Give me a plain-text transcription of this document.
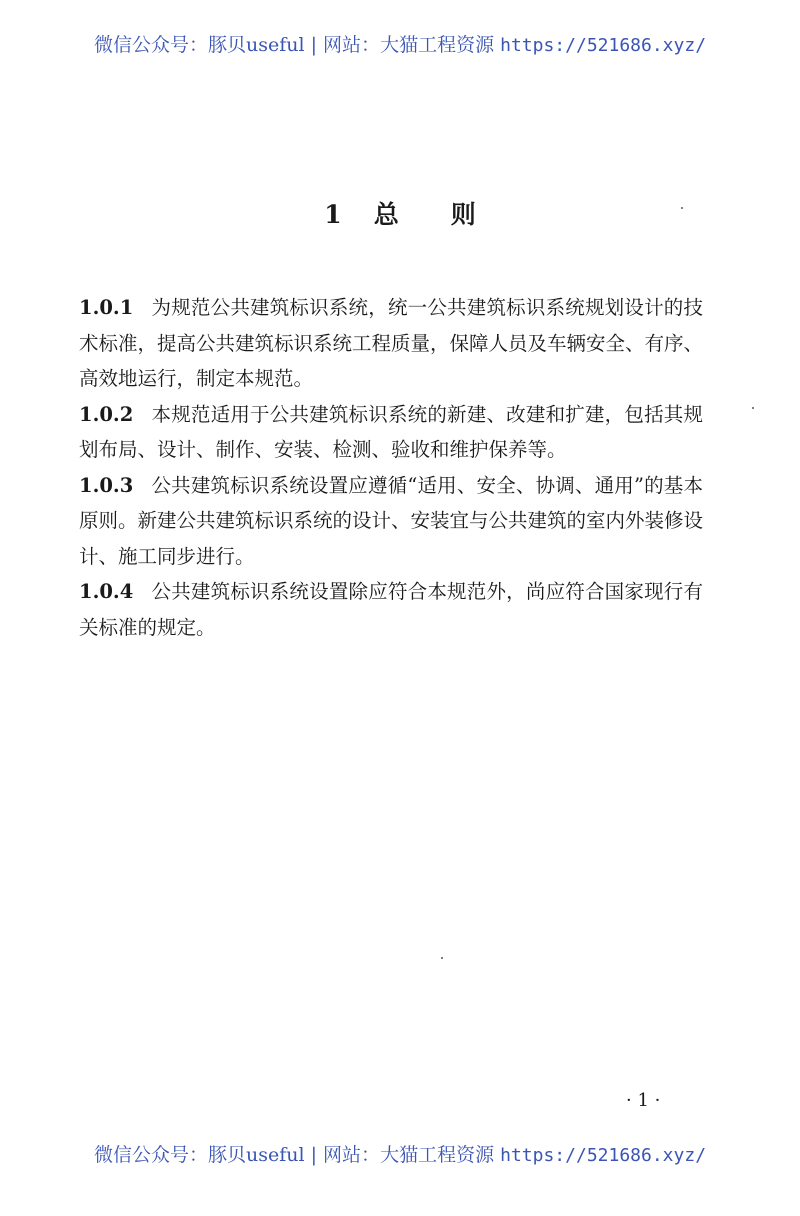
微信公众号：豚贝useful | 网站：大猫工程资源 https://521686.xyz/
1 总 则

1.0.1 为规范公共建筑标识系统，统一公共建筑标识系统规划设计的技术标准，提高公共建筑标识系统工程质量，保障人员及车辆安全、有序、高效地运行，制定本规范。

1.0.2 本规范适用于公共建筑标识系统的新建、改建和扩建，包括其规划布局、设计、制作、安装、检测、验收和维护保养等。

1.0.3 公共建筑标识系统设置应遵循“适用、安全、协调、通用”的基本原则。新建公共建筑标识系统的设计、安装宜与公共建筑的室内外装修设计、施工同步进行。

1.0.4 公共建筑标识系统设置除应符合本规范外，尚应符合国家现行有关标准的规定。

· 1 ·
微信公众号：豚贝useful | 网站：大猫工程资源 https://521686.xyz/
